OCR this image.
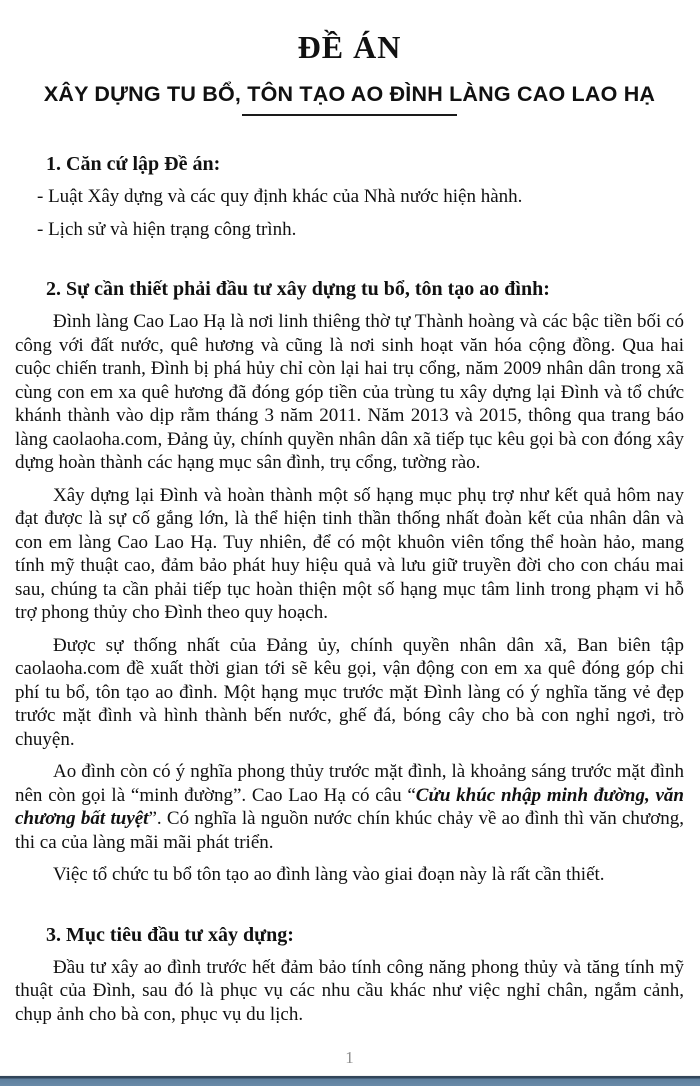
ĐỀ ÁN
XÂY DỰNG TU BỔ, TÔN TẠO AO ĐÌNH LÀNG CAO LAO HẠ
1. Căn cứ lập Đề án:
- Luật Xây dựng và các quy định khác của Nhà nước hiện hành.
- Lịch sử và hiện trạng công trình.
2. Sự cần thiết phải đầu tư xây dựng tu bổ, tôn tạo ao đình:

Đình làng Cao Lao Hạ là nơi linh thiêng thờ tự Thành hoàng và các bậc tiền bối có công với đất nước, quê hương và cũng là nơi sinh hoạt văn hóa cộng đồng. Qua hai cuộc chiến tranh, Đình bị phá hủy chỉ còn lại hai trụ cổng, năm 2009 nhân dân trong xã cùng con em xa quê hương đã đóng góp tiền của trùng tu xây dựng lại Đình và tổ chức khánh thành vào dịp rằm tháng 3 năm 2011. Năm 2013 và 2015, thông qua trang báo làng caolaoha.com, Đảng ủy, chính quyền nhân dân xã tiếp tục kêu gọi bà con đóng xây dựng hoàn thành các hạng mục sân đình, trụ cổng, tường rào.

Xây dựng lại Đình và hoàn thành một số hạng mục phụ trợ như kết quả hôm nay đạt được là sự cố gắng lớn, là thể hiện tinh thần thống nhất đoàn kết của nhân dân và con em làng Cao Lao Hạ. Tuy nhiên, để có một khuôn viên tổng thể hoàn hảo, mang tính mỹ thuật cao, đảm bảo phát huy hiệu quả và lưu giữ truyền đời cho con cháu mai sau, chúng ta cần phải tiếp tục hoàn thiện một số hạng mục tâm linh trong phạm vi hỗ trợ phong thủy cho Đình theo quy hoạch.

Được sự thống nhất của Đảng ủy, chính quyền nhân dân xã, Ban biên tập caolaoha.com đề xuất thời gian tới sẽ kêu gọi, vận động con em xa quê đóng góp chi phí tu bổ, tôn tạo ao đình. Một hạng mục trước mặt Đình làng có ý nghĩa tăng vẻ đẹp trước mặt đình và hình thành bến nước, ghế đá, bóng cây cho bà con nghỉ ngơi, trò chuyện.

Ao đình còn có ý nghĩa phong thủy trước mặt đình, là khoảng sáng trước mặt đình nên còn gọi là “minh đường”. Cao Lao Hạ có câu “Cửu khúc nhập minh đường, văn chương bất tuyệt”. Có nghĩa là nguồn nước chín khúc chảy về ao đình thì văn chương, thi ca của làng mãi mãi phát triển.

Việc tổ chức tu bổ tôn tạo ao đình làng vào giai đoạn này là rất cần thiết.

3. Mục tiêu đầu tư xây dựng:

Đầu tư xây ao đình trước hết đảm bảo tính công năng phong thủy và tăng tính mỹ thuật của Đình, sau đó là phục vụ các nhu cầu khác như việc nghỉ chân, ngắm cảnh, chụp ảnh cho bà con, phục vụ du lịch.

1
